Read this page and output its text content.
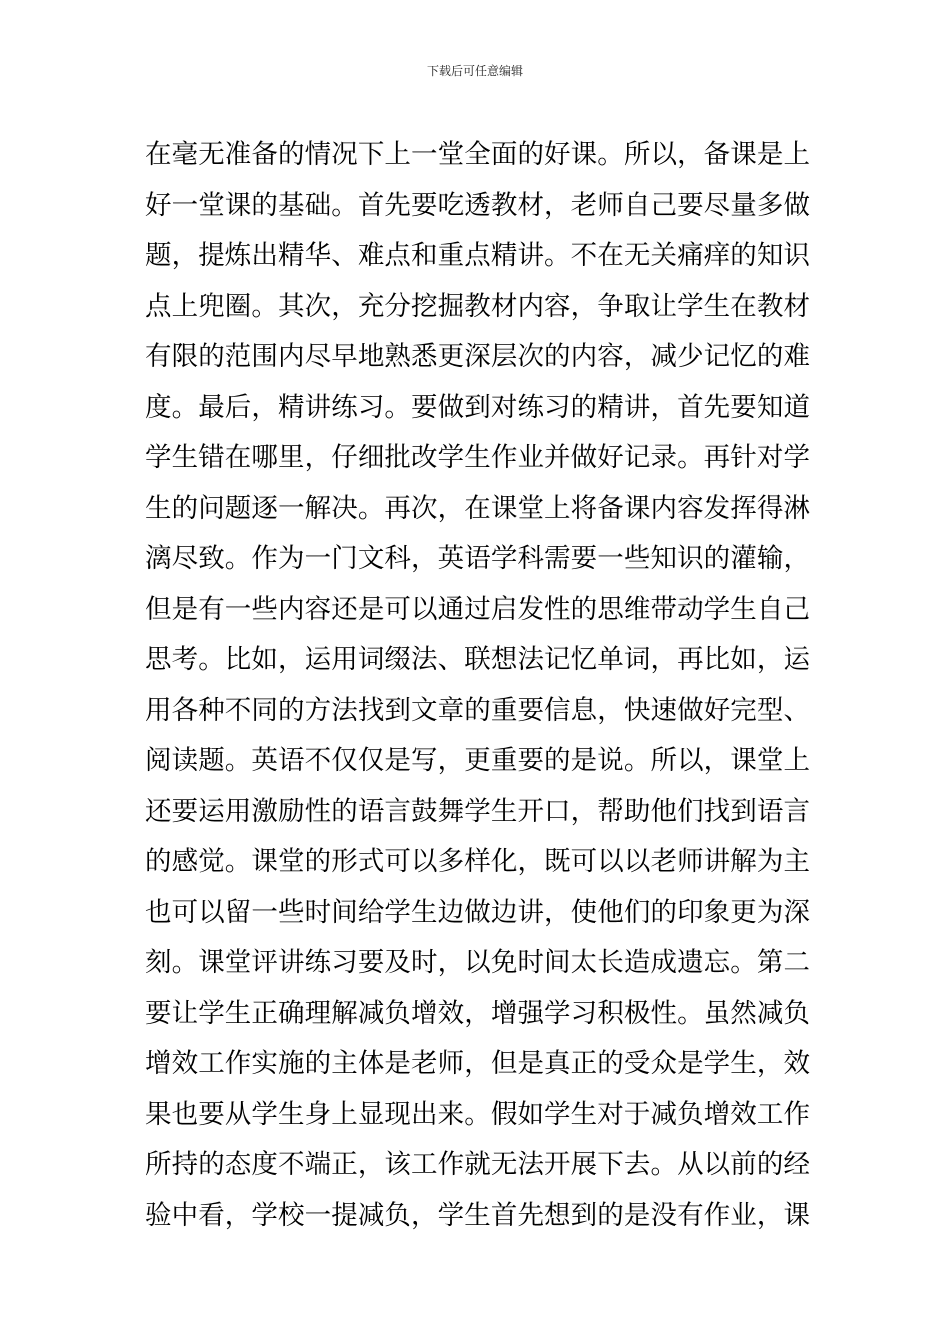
下载后可任意编辑
在毫无准备的情况下上一堂全面的好课。所以，备课是上
好一堂课的基础。首先要吃透教材，老师自己要尽量多做
题，提炼出精华、难点和重点精讲。不在无关痛痒的知识
点上兜圈。其次，充分挖掘教材内容，争取让学生在教材
有限的范围内尽早地熟悉更深层次的内容，减少记忆的难
度。最后，精讲练习。要做到对练习的精讲，首先要知道
学生错在哪里，仔细批改学生作业并做好记录。再针对学
生的问题逐一解决。再次，在课堂上将备课内容发挥得淋
漓尽致。作为一门文科，英语学科需要一些知识的灌输，
但是有一些内容还是可以通过启发性的思维带动学生自己
思考。比如，运用词缀法、联想法记忆单词，再比如，运
用各种不同的方法找到文章的重要信息，快速做好完型、
阅读题。英语不仅仅是写，更重要的是说。所以，课堂上
还要运用激励性的语言鼓舞学生开口，帮助他们找到语言
的感觉。课堂的形式可以多样化，既可以以老师讲解为主
也可以留一些时间给学生边做边讲，使他们的印象更为深
刻。课堂评讲练习要及时，以免时间太长造成遗忘。第二
要让学生正确理解减负增效，增强学习积极性。虽然减负
增效工作实施的主体是老师，但是真正的受众是学生，效
果也要从学生身上显现出来。假如学生对于减负增效工作
所持的态度不端正，该工作就无法开展下去。从以前的经
验中看，学校一提减负，学生首先想到的是没有作业，课
